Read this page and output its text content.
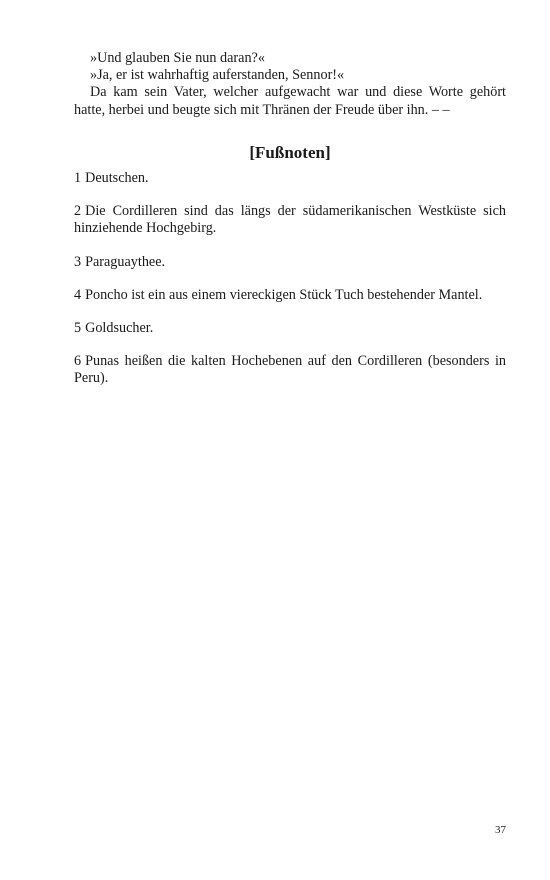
»Und glauben Sie nun daran?«

»Ja, er ist wahrhaftig auferstanden, Sennor!«

Da kam sein Vater, welcher aufgewacht war und diese Worte gehört hatte, herbei und beugte sich mit Thränen der Freude über ihn. – –

[Fußnoten]

1 Deutschen.

2 Die Cordilleren sind das längs der südamerikanischen Westküste sich hinziehende Hochgebirg.

3 Paraguaythee.

4 Poncho ist ein aus einem viereckigen Stück Tuch bestehender Mantel.

5 Goldsucher.

6 Punas heißen die kalten Hochebenen auf den Cordilleren (besonders in Peru).

37
